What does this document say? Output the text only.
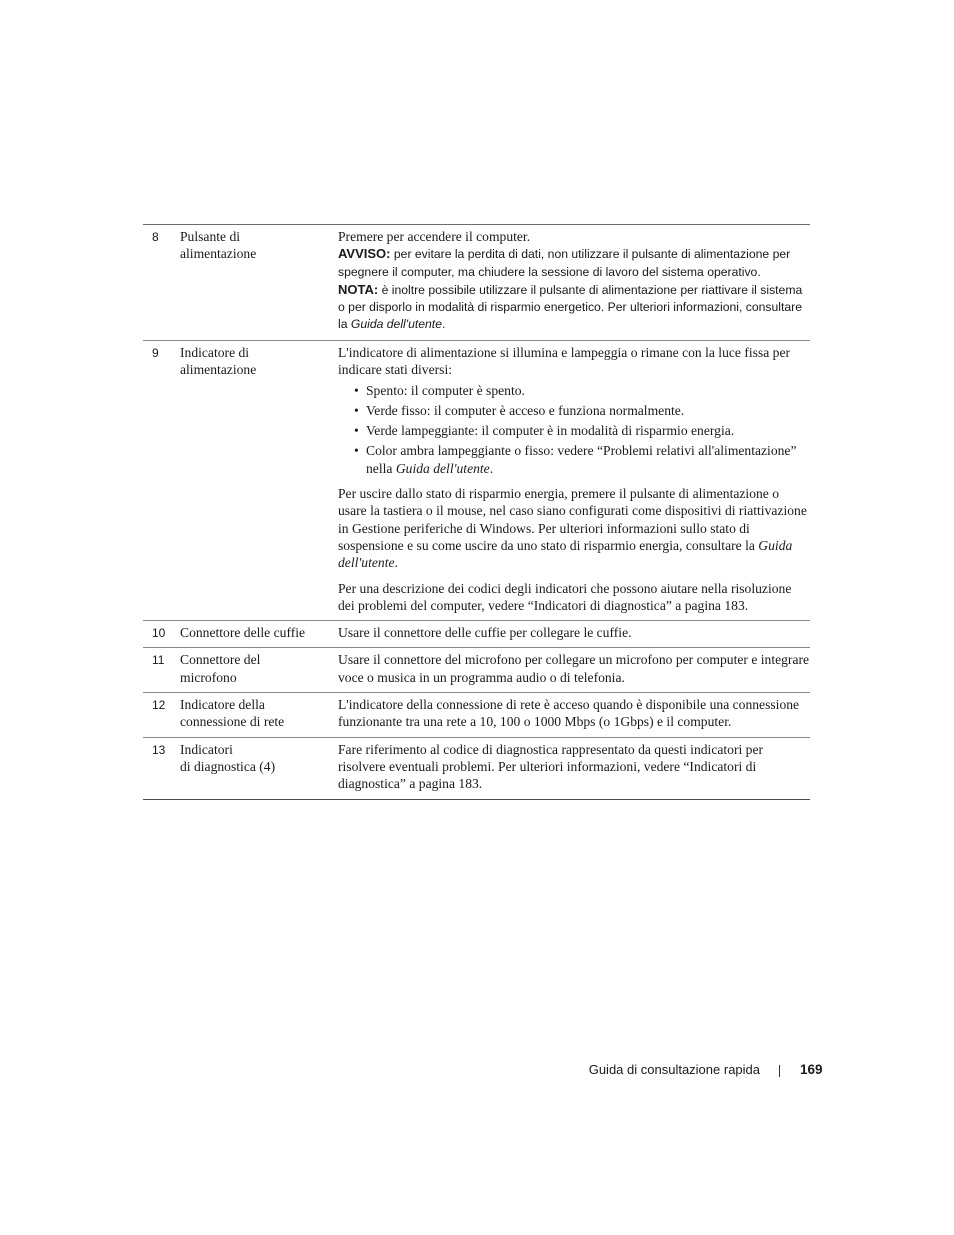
8 Pulsante di
alimentazione

Premere per accendere il computer.

AVVISO: per evitare la perdita di dati, non utilizzare il pulsante di alimentazione per spegnere il computer, ma chiudere la sessione di lavoro del sistema operativo.

NOTA: è inoltre possibile utilizzare il pulsante di alimentazione per riattivare il sistema o per disporlo in modalità di risparmio energetico. Per ulteriori informazioni, consultare la Guida dell'utente.

9 Indicatore di
alimentazione

L'indicatore di alimentazione si illumina e lampeggia o rimane con la luce fissa per indicare stati diversi:

• Spento: il computer è spento.
• Verde fisso: il computer è acceso e funziona normalmente.
• Verde lampeggiante: il computer è in modalità di risparmio energia.
• Color ambra lampeggiante o fisso: vedere “Problemi relativi all'alimentazione” nella Guida dell'utente.

Per uscire dallo stato di risparmio energia, premere il pulsante di alimentazione o usare la tastiera o il mouse, nel caso siano configurati come dispositivi di riattivazione in Gestione periferiche di Windows. Per ulteriori informazioni sullo stato di sospensione e su come uscire da uno stato di risparmio energia, consultare la Guida dell'utente.

Per una descrizione dei codici degli indicatori che possono aiutare nella risoluzione dei problemi del computer, vedere “Indicatori di diagnostica” a pagina 183.

10 Connettore delle cuffie	Usare il connettore delle cuffie per collegare le cuffie.

11 Connettore del
microfono

Usare il connettore del microfono per collegare un microfono per computer e integrare voce o musica in un programma audio o di telefonia.

12 Indicatore della
connessione di rete

L'indicatore della connessione di rete è acceso quando è disponibile una connessione funzionante tra una rete a 10, 100 o 1000 Mbps (o 1Gbps) e il computer.

13 Indicatori
di diagnostica (4)

Fare riferimento al codice di diagnostica rappresentato da questi indicatori per risolvere eventuali problemi. Per ulteriori informazioni, vedere “Indicatori di diagnostica” a pagina 183.

Guida di consultazione rapida	169
